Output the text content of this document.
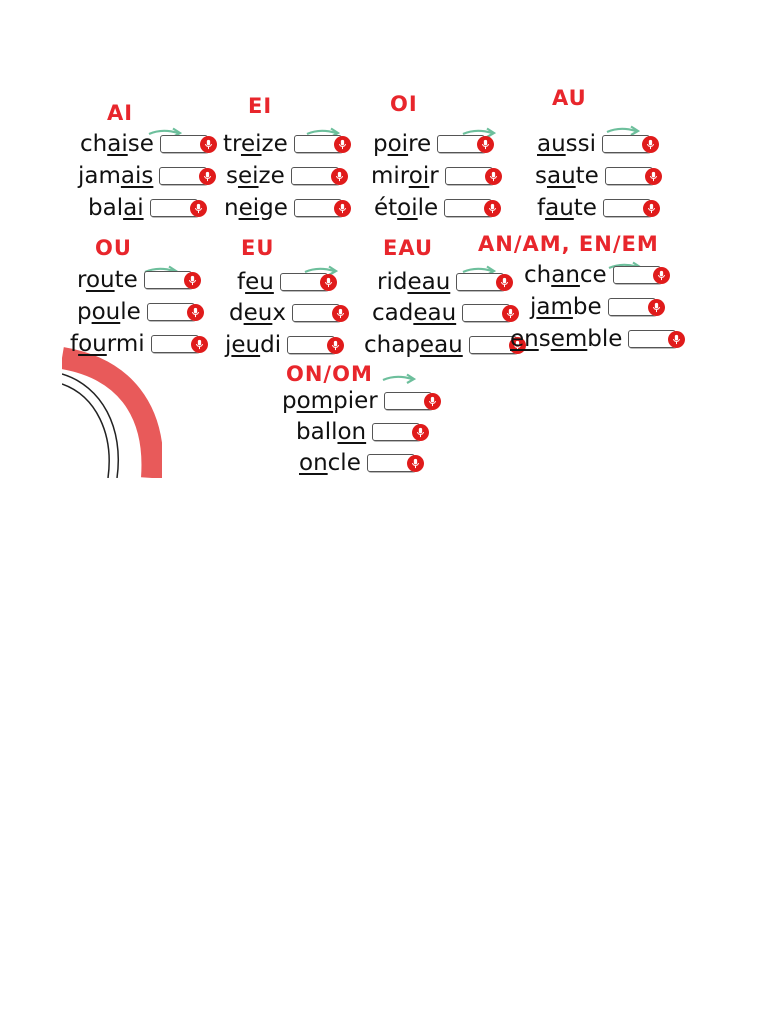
AI
chaise
jamais
balai
EI
treize
seize
neige
OI
poire
miroir
étoile
AU
aussi
saute
faute
OU
route
poule
fourmi
EU
feu
deux
jeudi
EAU
rideau
cadeau
chapeau
AN/AM, EN/EM
chance
jambe
ensemble
ON/OM
pompier
ballon
oncle
